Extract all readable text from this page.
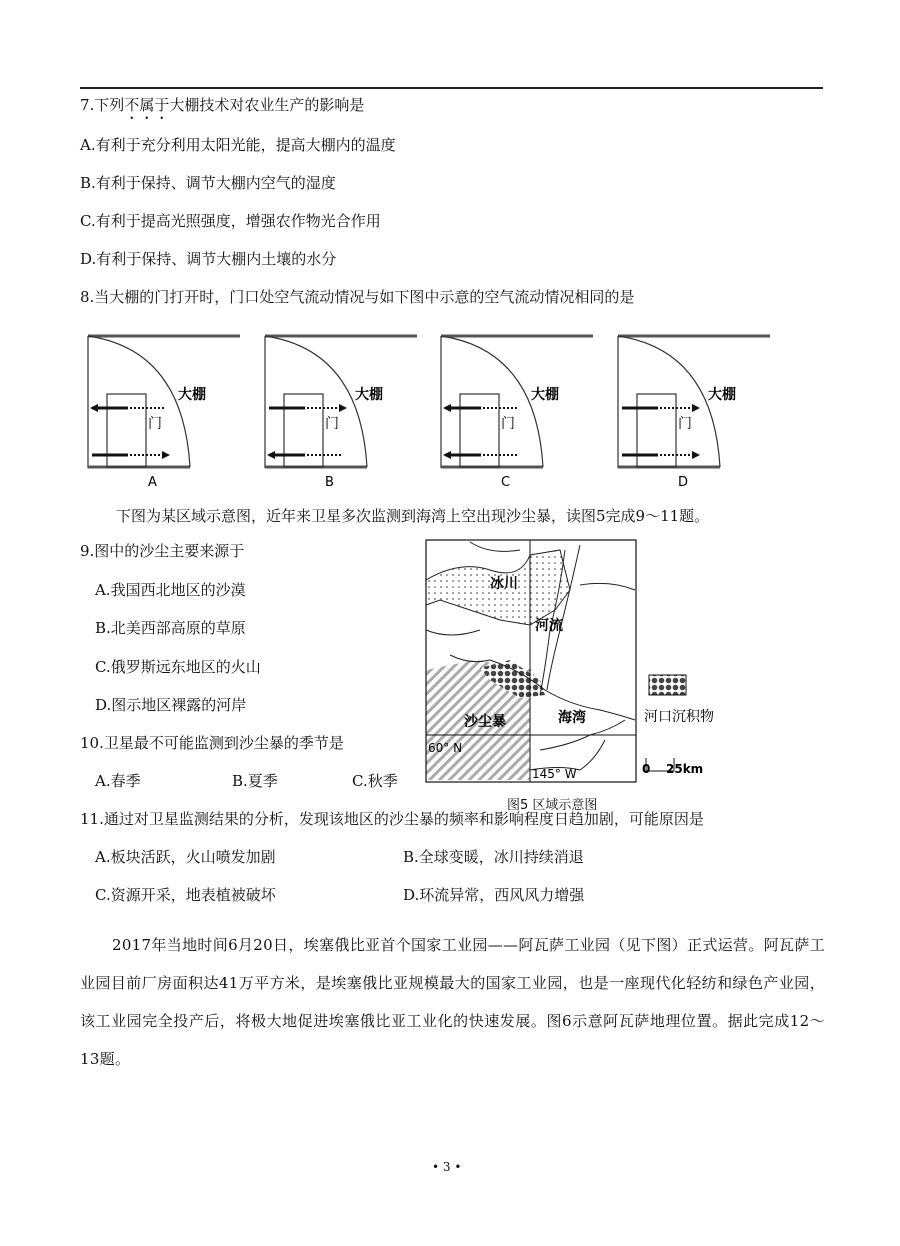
7.下列不属于大棚技术对农业生产的影响是
A.有利于充分利用太阳光能，提高大棚内的温度
B.有利于保持、调节大棚内空气的湿度
C.有利于提高光照强度，增强农作物光合作用
D.有利于保持、调节大棚内土壤的水分
8.当大棚的门打开时，门口处空气流动情况与如下图中示意的空气流动情况相同的是
大棚
门
A
大棚
门
B
大棚
门
C
大棚
门
D
下图为某区域示意图，近年来卫星多次监测到海湾上空出现沙尘暴，读图5完成9～11题。
9.图中的沙尘主要来源于
A.我国西北地区的沙漠
B.北美西部高原的草原
C.俄罗斯远东地区的火山
D.图示地区裸露的河岸
10.卫星最不可能监测到沙尘暴的季节是
A.春季	B.夏季	C.秋季
冰川
河流
沙尘暴	海湾
60° N
145° W
河口沉积物
0 25km
图5 区域示意图
11.通过对卫星监测结果的分析，发现该地区的沙尘暴的频率和影响程度日趋加剧，可能原因是
A.板块活跃，火山喷发加剧	B.全球变暖，冰川持续消退
C.资源开采，地表植被破坏	D.环流异常，西风风力增强
2017年当地时间6月20日，埃塞俄比亚首个国家工业园——阿瓦萨工业园（见下图）正式运营。阿瓦萨工业园目前厂房面积达41万平方米，是埃塞俄比亚规模最大的国家工业园，也是一座现代化轻纺和绿色产业园，该工业园完全投产后，将极大地促进埃塞俄比亚工业化的快速发展。图6示意阿瓦萨地理位置。据此完成12～13题。
• 3 •
